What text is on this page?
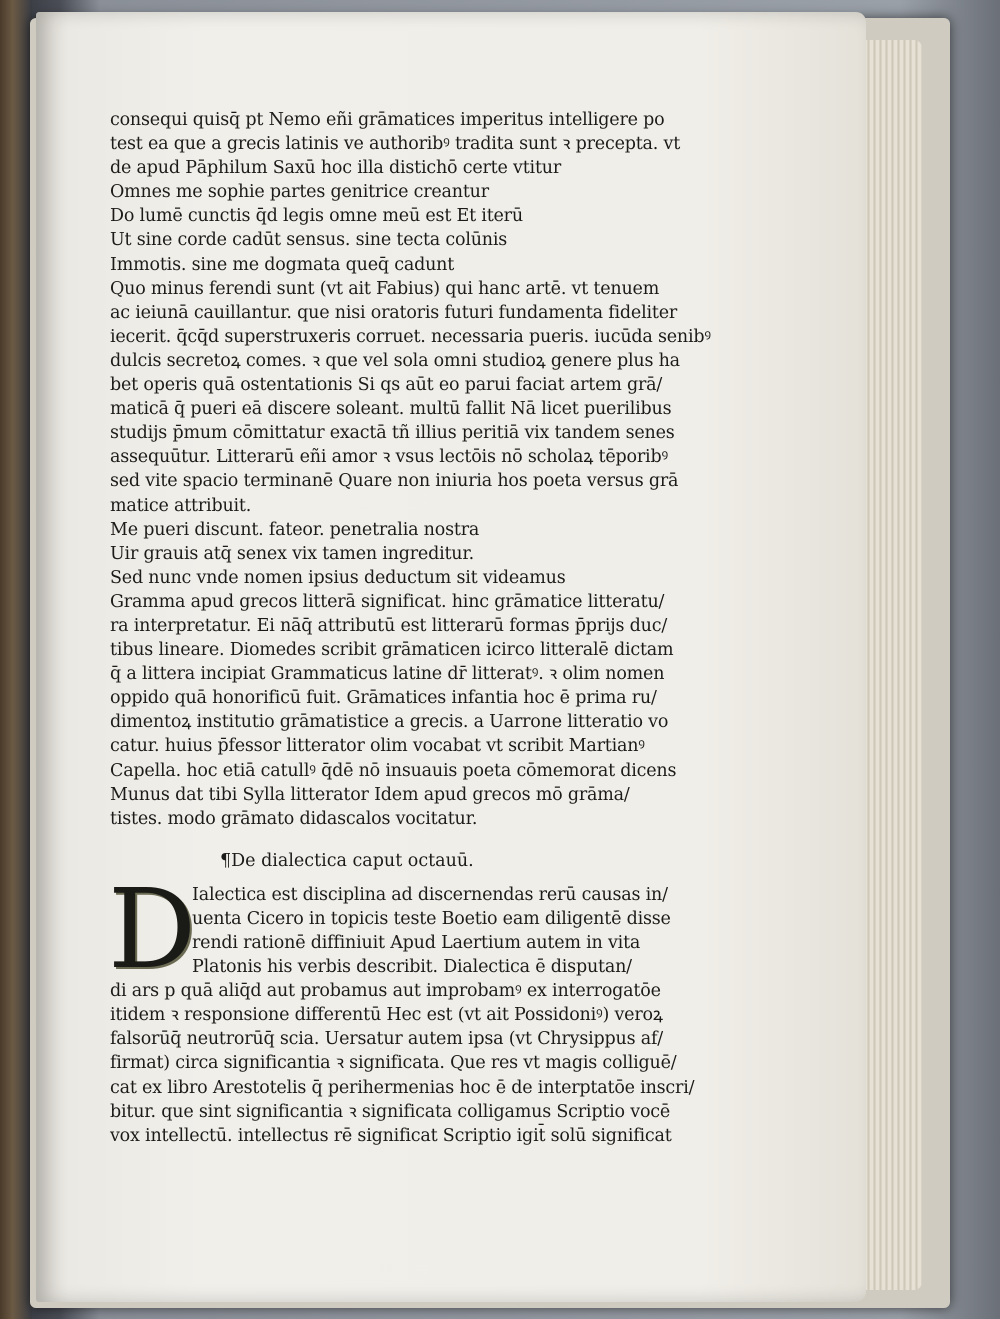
consequi quisq̄ pt Nemo eñi grāmatices imperitus intelligere po
test ea que a grecis latinis ve authoribꝰ tradita sunt ꝛ precepta. vt
de apud Pāphilum Saxū hoc illa distichō certe vtitur
Omnes me sophie partes genitrice creantur
Do lumē cunctis q̄d legis omne meū est Et iterū
Ut sine corde cadūt sensus. sine tecta colūnis
Immotis. sine me dogmata queq̄ cadunt
Quo minus ferendi sunt (vt ait Fabius) qui hanc artē. vt tenuem
ac ieiunā cauillantur. que nisi oratoris futuri fundamenta fideliter
iecerit. q̄cq̄d superstruxeris corruet. necessaria pueris. iucūda senibꝰ
dulcis secretoꝝ comes. ꝛ que vel sola omni studioꝝ genere plus ha
bet operis quā ostentationis Si qs aūt eo parui faciat artem grā/
maticā q̄ pueri eā discere soleant. multū fallit Nā licet puerilibus
studijs p̄mum cōmittatur exactā tñ illius peritiā vix tandem senes
assequūtur. Litterarū eñi amor ꝛ vsus lectōis nō scholaꝝ tēporibꝰ
sed vite spacio terminanē Quare non iniuria hos poeta versus grā
matice attribuit.
Me pueri discunt. fateor. penetralia nostra
Uir grauis atq̄ senex vix tamen ingreditur.
Sed nunc vnde nomen ipsius deductum sit videamus
Gramma apud grecos litterā significat. hinc grāmatice litteratu/
ra interpretatur. Ei nāq̄ attributū est litterarū formas p̄prijs duc/
tibus lineare. Diomedes scribit grāmaticen icirco litteralē dictam
q̄ a littera incipiat Grammaticus latine dr̄ litteratꝰ. ꝛ olim nomen
oppido quā honorificū fuit. Grāmatices infantia hoc ē prima ru/
dimentoꝝ institutio grāmatistice a grecis. a Uarrone litteratio vo
catur. huius p̄fessor litterator olim vocabat vt scribit Martianꝰ
Capella. hoc etiā catullꝰ q̄dē nō insuauis poeta cōmemorat dicens
Munus dat tibi Sylla litterator Idem apud grecos mō grāma/
tistes. modo grāmato didascalos vocitatur.
¶De dialectica caput octauū.
D
Ialectica est disciplina ad discernendas rerū causas in/
uenta Cicero in topicis teste Boetio eam diligentē disse
rendi rationē diffiniuit Apud Laertium autem in vita
Platonis his verbis describit. Dialectica ē disputan/
di ars p quā aliq̄d aut probamus aut improbamꝰ ex interrogatōe
itidem ꝛ responsione differentū Hec est (vt ait Possidoniꝰ) veroꝝ
falsorūq̄ neutrorūq̄ scia. Uersatur autem ipsa (vt Chrysippus af/
firmat) circa significantia ꝛ significata. Que res vt magis colliguē/
cat ex libro Arestotelis q̄ perihermenias hoc ē de interptatōe inscri/
bitur. que sint significantia ꝛ significata colligamus Scriptio vocē
vox intellectū. intellectus rē significat Scriptio igit̄ solū significat
